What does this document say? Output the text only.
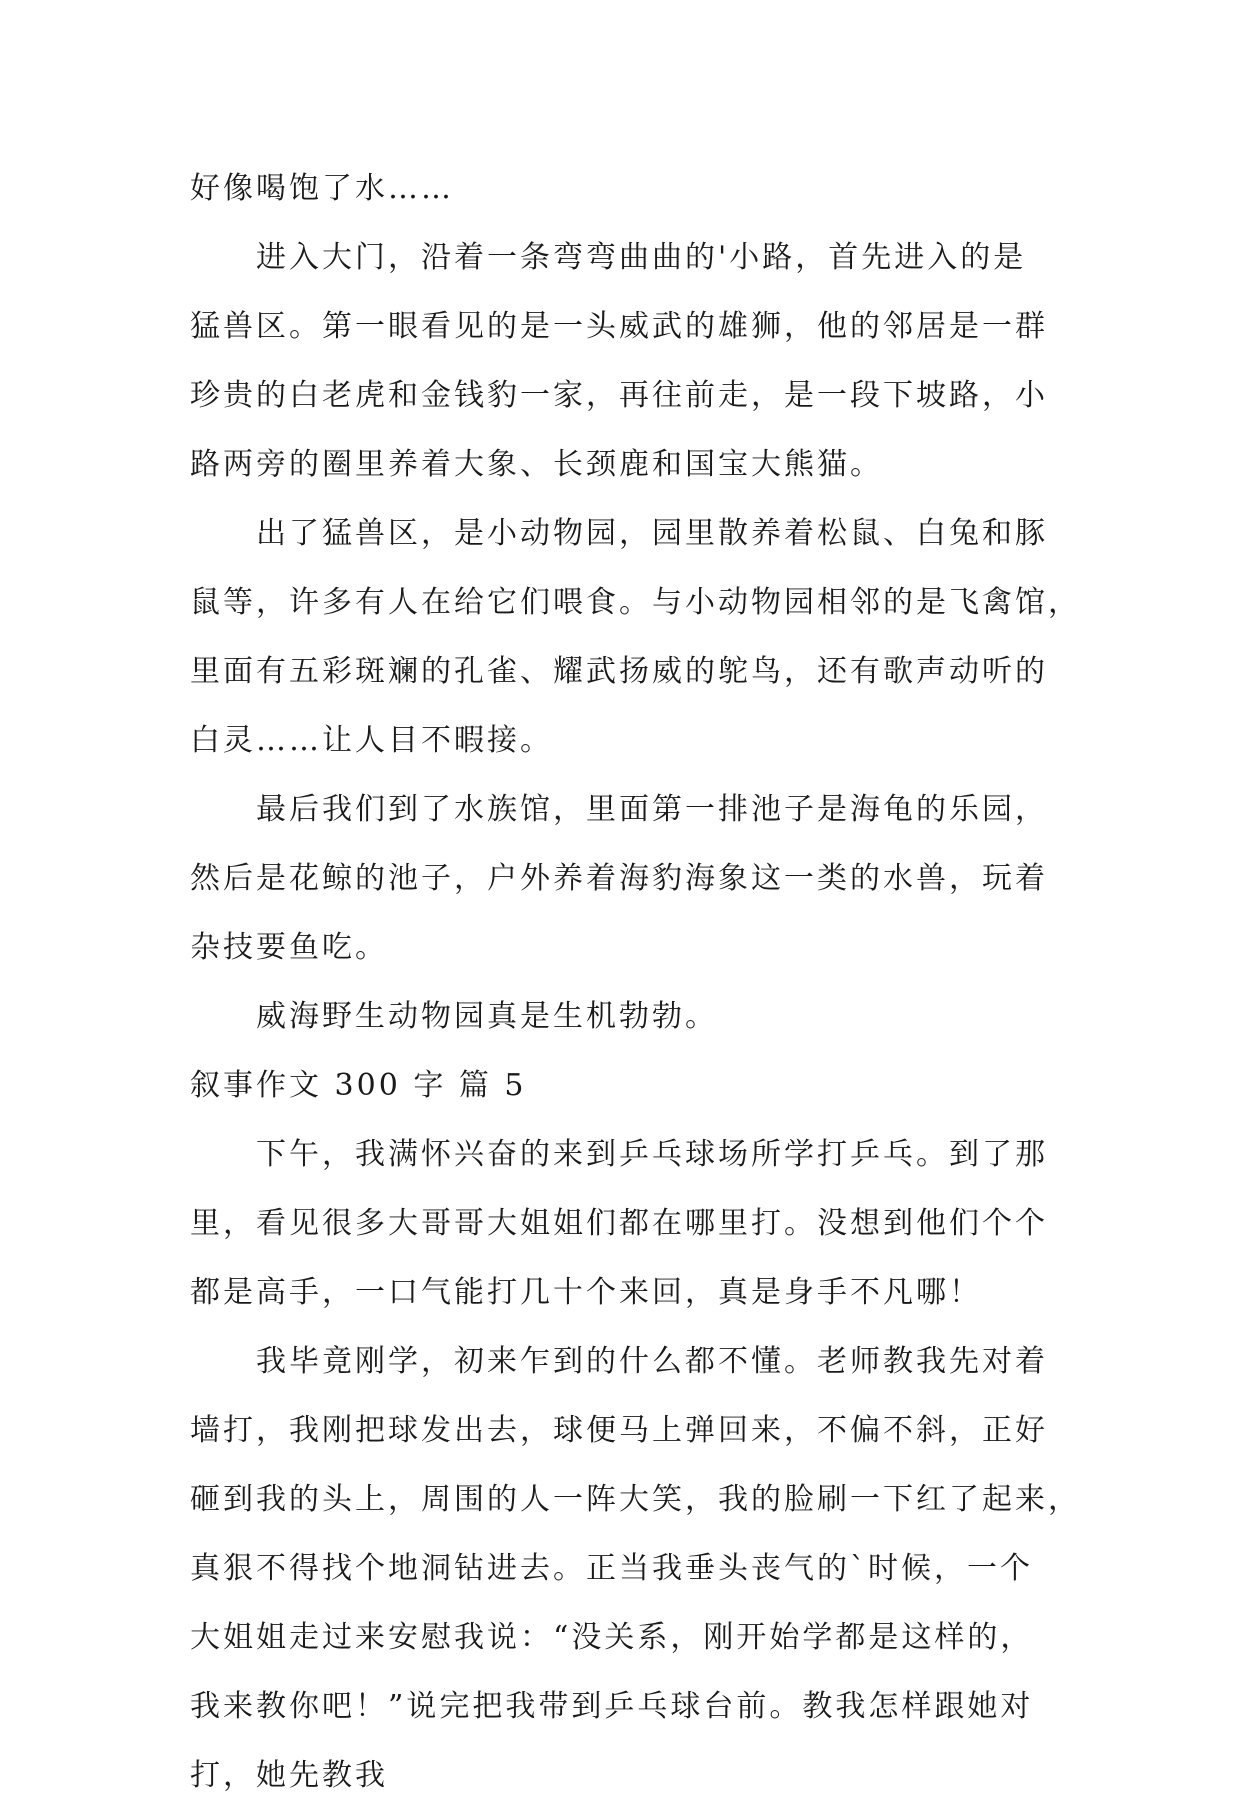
好像喝饱了水……
进入大门，沿着一条弯弯曲曲的'小路，首先进入的是
猛兽区。第一眼看见的是一头威武的雄狮，他的邻居是一群
珍贵的白老虎和金钱豹一家，再往前走，是一段下坡路，小
路两旁的圈里养着大象、长颈鹿和国宝大熊猫。
出了猛兽区，是小动物园，园里散养着松鼠、白兔和豚
鼠等，许多有人在给它们喂食。与小动物园相邻的是飞禽馆，
里面有五彩斑斓的孔雀、耀武扬威的鸵鸟，还有歌声动听的
白灵……让人目不暇接。
最后我们到了水族馆，里面第一排池子是海龟的乐园，
然后是花鲸的池子，户外养着海豹海象这一类的水兽，玩着
杂技要鱼吃。
威海野生动物园真是生机勃勃。
叙事作文 300 字 篇 5
下午，我满怀兴奋的来到乒乓球场所学打乒乓。到了那
里，看见很多大哥哥大姐姐们都在哪里打。没想到他们个个
都是高手，一口气能打几十个来回，真是身手不凡哪！
我毕竟刚学，初来乍到的什么都不懂。老师教我先对着
墙打，我刚把球发出去，球便马上弹回来，不偏不斜，正好
砸到我的头上，周围的人一阵大笑，我的脸刷一下红了起来，
真狠不得找个地洞钻进去。正当我垂头丧气的`时候，一个
大姐姐走过来安慰我说：“没关系，刚开始学都是这样的，
我来教你吧！”说完把我带到乒乓球台前。教我怎样跟她对
打，她先教我
